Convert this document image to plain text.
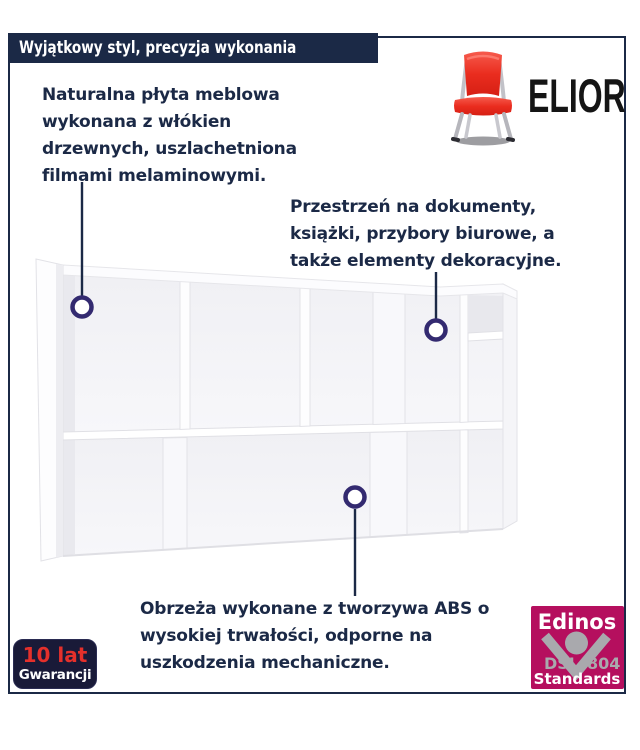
Wyjątkowy styl, precyzja wykonania
ELIOR
Naturalna płyta meblowa
wykonana z włókien
drzewnych, uszlachetniona
filmami melaminowymi.
Przestrzeń na dokumenty,
książki, przybory biurowe, a
także elementy dekoracyjne.
Obrzeża wykonane z tworzywa ABS o
wysokiej trwałości, odporne na
uszkodzenia mechaniczne.
10 lat
Gwarancji
Edinos
DSI 804
Standards
